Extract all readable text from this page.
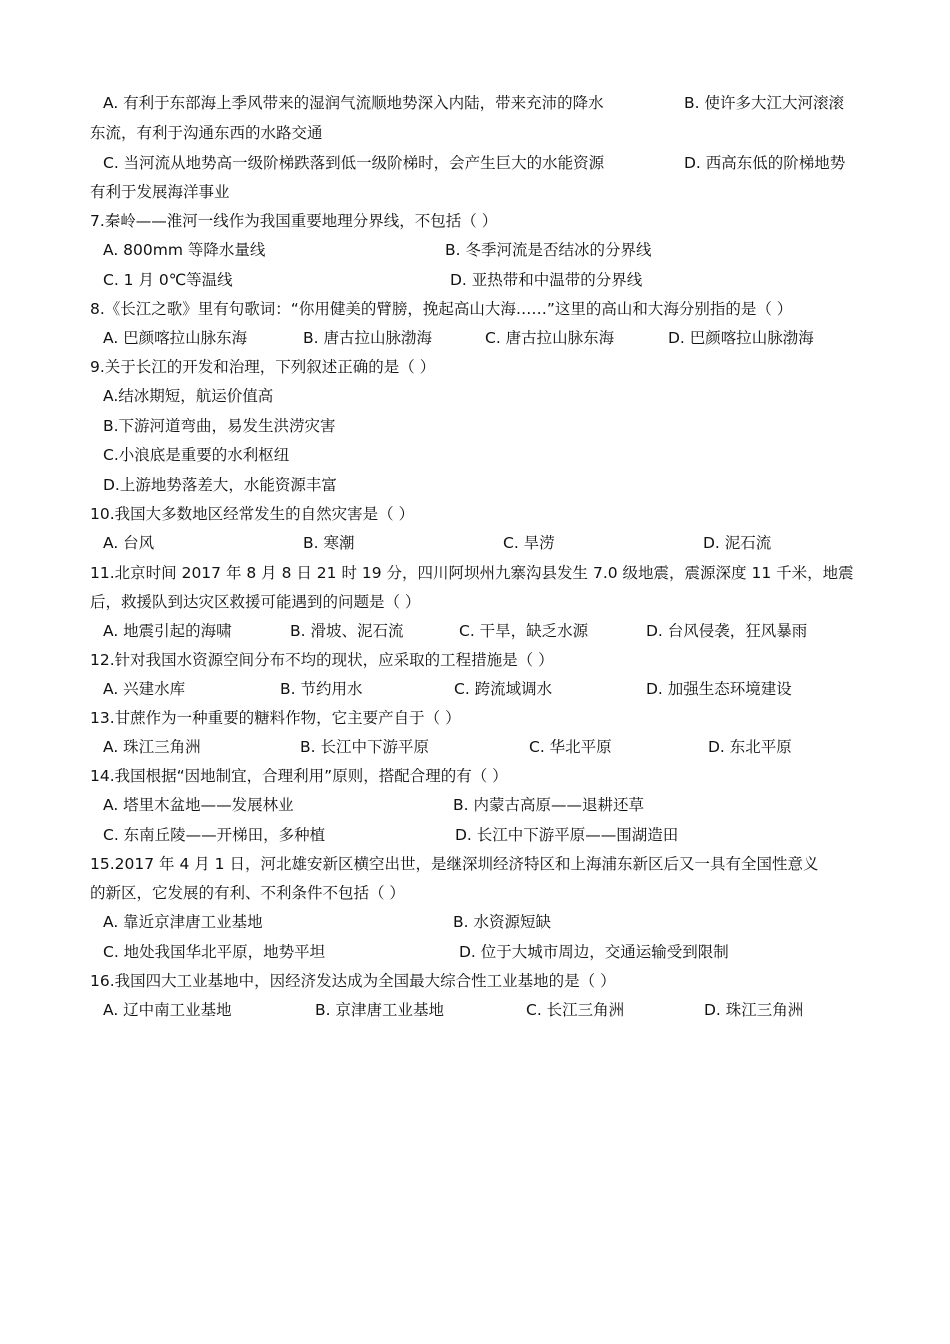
A. 有利于东部海上季风带来的湿润气流顺地势深入内陆，带来充沛的降水	B. 使许多大江大河滚滚
东流，有利于沟通东西的水路交通
C. 当河流从地势高一级阶梯跌落到低一级阶梯时，会产生巨大的水能资源	D. 西高东低的阶梯地势
有利于发展海洋事业
7.秦岭——淮河一线作为我国重要地理分界线，不包括（ ）
A. 800mm 等降水量线	B. 冬季河流是否结冰的分界线
C. 1 月 0℃等温线	D. 亚热带和中温带的分界线
8.《长江之歌》里有句歌词：“你用健美的臂膀，挽起高山大海……”这里的高山和大海分别指的是（ ）
A. 巴颜喀拉山脉东海	B. 唐古拉山脉渤海	C. 唐古拉山脉东海	D. 巴颜喀拉山脉渤海
9.关于长江的开发和治理，下列叙述正确的是（ ）
A.结冰期短，航运价值高
B.下游河道弯曲，易发生洪涝灾害
C.小浪底是重要的水利枢纽
D.上游地势落差大，水能资源丰富
10.我国大多数地区经常发生的自然灾害是（ ）
A. 台风	B. 寒潮	C. 旱涝	D. 泥石流
11.北京时间 2017 年 8 月 8 日 21 时 19 分，四川阿坝州九寨沟县发生 7.0 级地震，震源深度 11 千米，地震
后，救援队到达灾区救援可能遇到的问题是（ ）
A. 地震引起的海啸	B. 滑坡、泥石流	C. 干旱，缺乏水源	D. 台风侵袭，狂风暴雨
12.针对我国水资源空间分布不均的现状，应采取的工程措施是（ ）
A. 兴建水库	B. 节约用水	C. 跨流域调水	D. 加强生态环境建设
13.甘蔗作为一种重要的糖料作物，它主要产自于（ ）
A. 珠江三角洲	B. 长江中下游平原	C. 华北平原	D. 东北平原
14.我国根据“因地制宜，合理利用”原则，搭配合理的有（ ）
A. 塔里木盆地——发展林业	B. 内蒙古高原——退耕还草
C. 东南丘陵——开梯田，多种植	D. 长江中下游平原——围湖造田
15.2017 年 4 月 1 日，河北雄安新区横空出世，是继深圳经济特区和上海浦东新区后又一具有全国性意义
的新区，它发展的有利、不利条件不包括（ ）
A. 靠近京津唐工业基地	B. 水资源短缺
C. 地处我国华北平原，地势平坦	D. 位于大城市周边，交通运输受到限制
16.我国四大工业基地中，因经济发达成为全国最大综合性工业基地的是（ ）
A. 辽中南工业基地	B. 京津唐工业基地	C. 长江三角洲	D. 珠江三角洲
